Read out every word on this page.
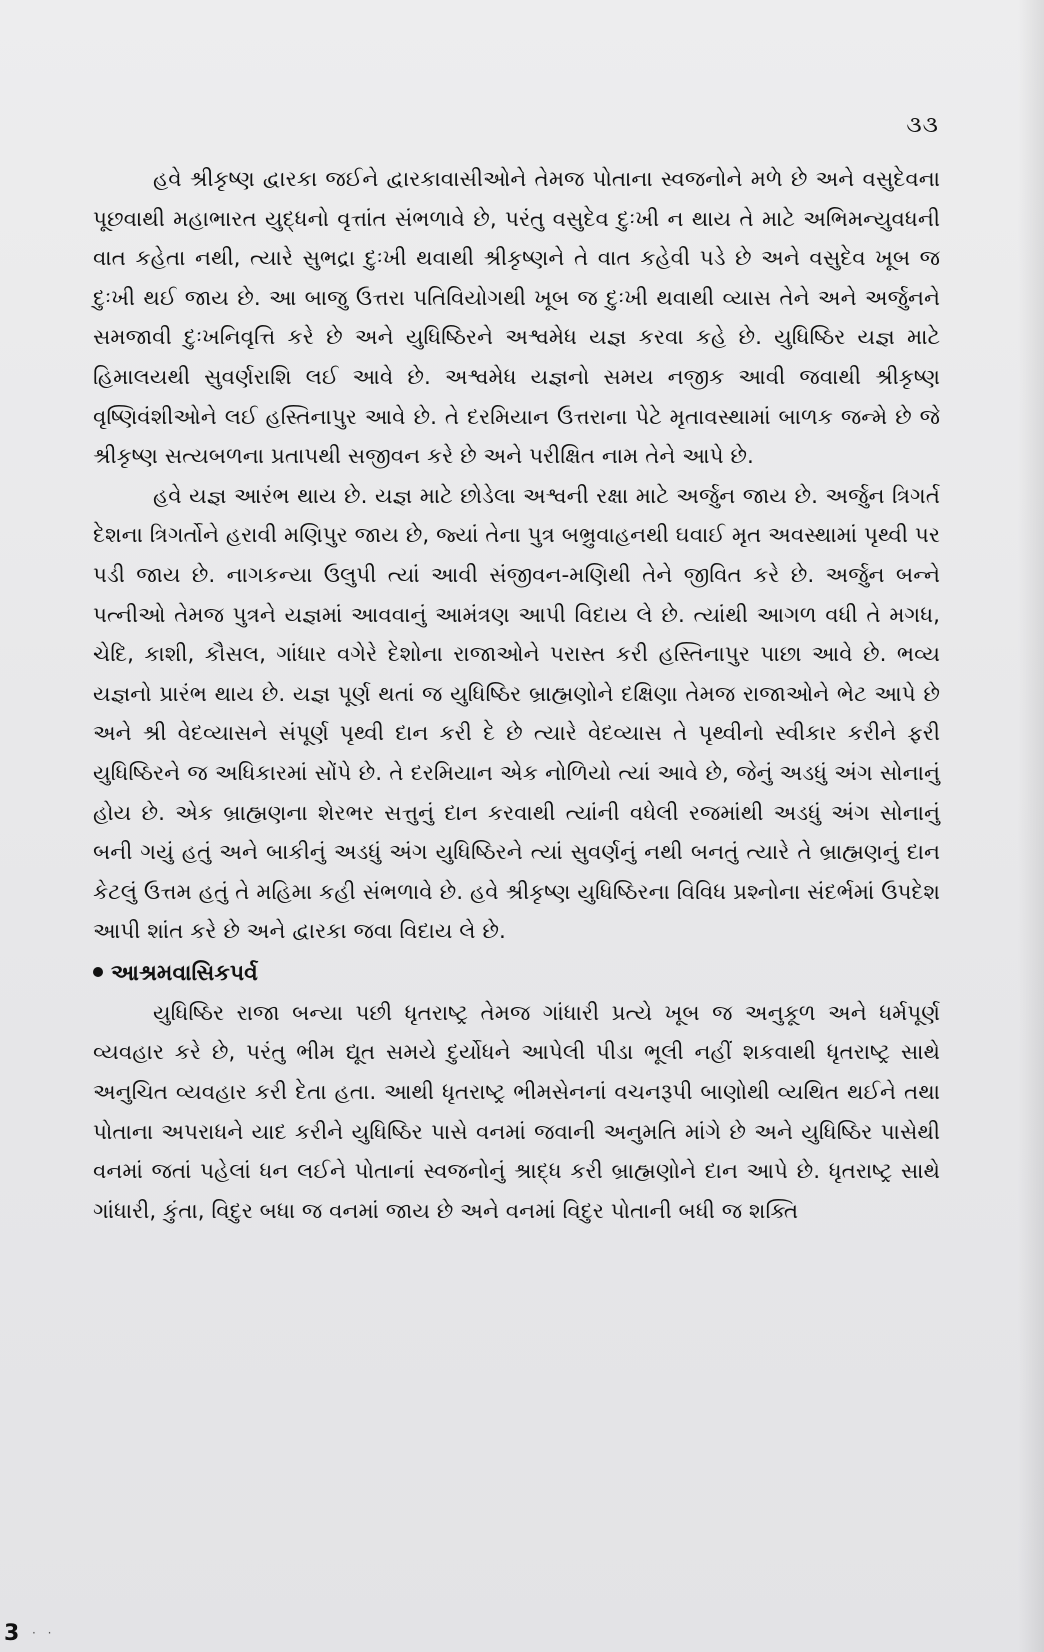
૩૩

હવે શ્રીકૃષ્ણ દ્વારકા જઈને દ્વારકાવાસીઓને તેમજ પોતાના સ્વજનોને મળે છે અને વસુદેવના પૂછવાથી મહાભારત યુદ્ધનો વૃત્તાંત સંભળાવે છે, પરંતુ વસુદેવ દુઃખી ન થાય તે માટે અભિમન્યુવધની વાત કહેતા નથી, ત્યારે સુભદ્રા દુઃખી થવાથી શ્રીકૃષ્ણને તે વાત કહેવી પડે છે અને વસુદેવ ખૂબ જ દુઃખી થઈ જાય છે. આ બાજુ ઉત્તરા પતિવિયોગથી ખૂબ જ દુઃખી થવાથી વ્યાસ તેને અને અર્જુનને સમજાવી દુઃખનિવૃત્તિ કરે છે અને યુધિષ્ઠિરને અશ્વમેધ યજ્ઞ કરવા કહે છે. યુધિષ્ઠિર યજ્ઞ માટે હિમાલયથી સુવર્ણરાશિ લઈ આવે છે. અશ્વમેધ યજ્ઞનો સમય નજીક આવી જવાથી શ્રીકૃષ્ણ વૃષ્ણિવંશીઓને લઈ હસ્તિનાપુર આવે છે. તે દરમિયાન ઉત્તરાના પેટે મૃતાવસ્થામાં બાળક જન્મે છે જે શ્રીકૃષ્ણ સત્યબળના પ્રતાપથી સજીવન કરે છે અને પરીક્ષિત નામ તેને આપે છે.

હવે યજ્ઞ આરંભ થાય છે. યજ્ઞ માટે છોડેલા અશ્વની રક્ષા માટે અર્જુન જાય છે. અર્જુન ત્રિગર્ત દેશના ત્રિગર્તોને હરાવી મણિપુર જાય છે, જ્યાં તેના પુત્ર બભ્રુવાહનથી ઘવાઈ મૃત અવસ્થામાં પૃથ્વી પર પડી જાય છે. નાગકન્યા ઉલુપી ત્યાં આવી સંજીવન-મણિથી તેને જીવિત કરે છે. અર્જુન બન્ને પત્નીઓ તેમજ પુત્રને યજ્ઞમાં આવવાનું આમંત્રણ આપી વિદાય લે છે. ત્યાંથી આગળ વધી તે મગધ, ચેદિ, કાશી, કૌસલ, ગાંધાર વગેરે દેશોના રાજાઓને પરાસ્ત કરી હસ્તિનાપુર પાછા આવે છે. ભવ્ય યજ્ઞનો પ્રારંભ થાય છે. યજ્ઞ પૂર્ણ થતાં જ યુધિષ્ઠિર બ્રાહ્મણોને દક્ષિણા તેમજ રાજાઓને ભેટ આપે છે અને શ્રી વેદવ્યાસને સંપૂર્ણ પૃથ્વી દાન કરી દે છે ત્યારે વેદવ્યાસ તે પૃથ્વીનો સ્વીકાર કરીને ફરી યુધિષ્ઠિરને જ અધિકારમાં સોંપે છે. તે દરમિયાન એક નોળિયો ત્યાં આવે છે, જેનું અડધું અંગ સોનાનું હોય છે. એક બ્રાહ્મણના શેરભર સત્તુનું દાન કરવાથી ત્યાંની વધેલી રજમાંથી અડધું અંગ સોનાનું બની ગયું હતું અને બાકીનું અડધું અંગ યુધિષ્ઠિરને ત્યાં સુવર્ણનું નથી બનતું ત્યારે તે બ્રાહ્મણનું દાન કેટલું ઉત્તમ હતું તે મહિમા કહી સંભળાવે છે. હવે શ્રીકૃષ્ણ યુધિષ્ઠિરના વિવિધ પ્રશ્નોના સંદર્ભમાં ઉપદેશ આપી શાંત કરે છે અને દ્વારકા જવા વિદાય લે છે.

આશ્રમવાસિકપર્વ

યુધિષ્ઠિર રાજા બન્યા પછી ધૃતરાષ્ટ્ર તેમજ ગાંધારી પ્રત્યે ખૂબ જ અનુકૂળ અને ધર્મપૂર્ણ વ્યવહાર કરે છે, પરંતુ ભીમ દ્યૂત સમયે દુર્યોધને આપેલી પીડા ભૂલી નહીં શકવાથી ધૃતરાષ્ટ્ર સાથે અનુચિત વ્યવહાર કરી દેતા હતા. આથી ધૃતરાષ્ટ્ર ભીમસેનનાં વચનરૂપી બાણોથી વ્યથિત થઈને તથા પોતાના અપરાધને યાદ કરીને યુધિષ્ઠિર પાસે વનમાં જવાની અનુમતિ માંગે છે અને યુધિષ્ઠિર પાસેથી વનમાં જતાં પહેલાં ધન લઈને પોતાનાં સ્વજનોનું શ્રાદ્ધ કરી બ્રાહ્મણોને દાન આપે છે. ધૃતરાષ્ટ્ર સાથે ગાંધારી, કુંતા, વિદુર બધા જ વનમાં જાય છે અને વનમાં વિદુર પોતાની બધી જ શક્તિ

3 · ·
